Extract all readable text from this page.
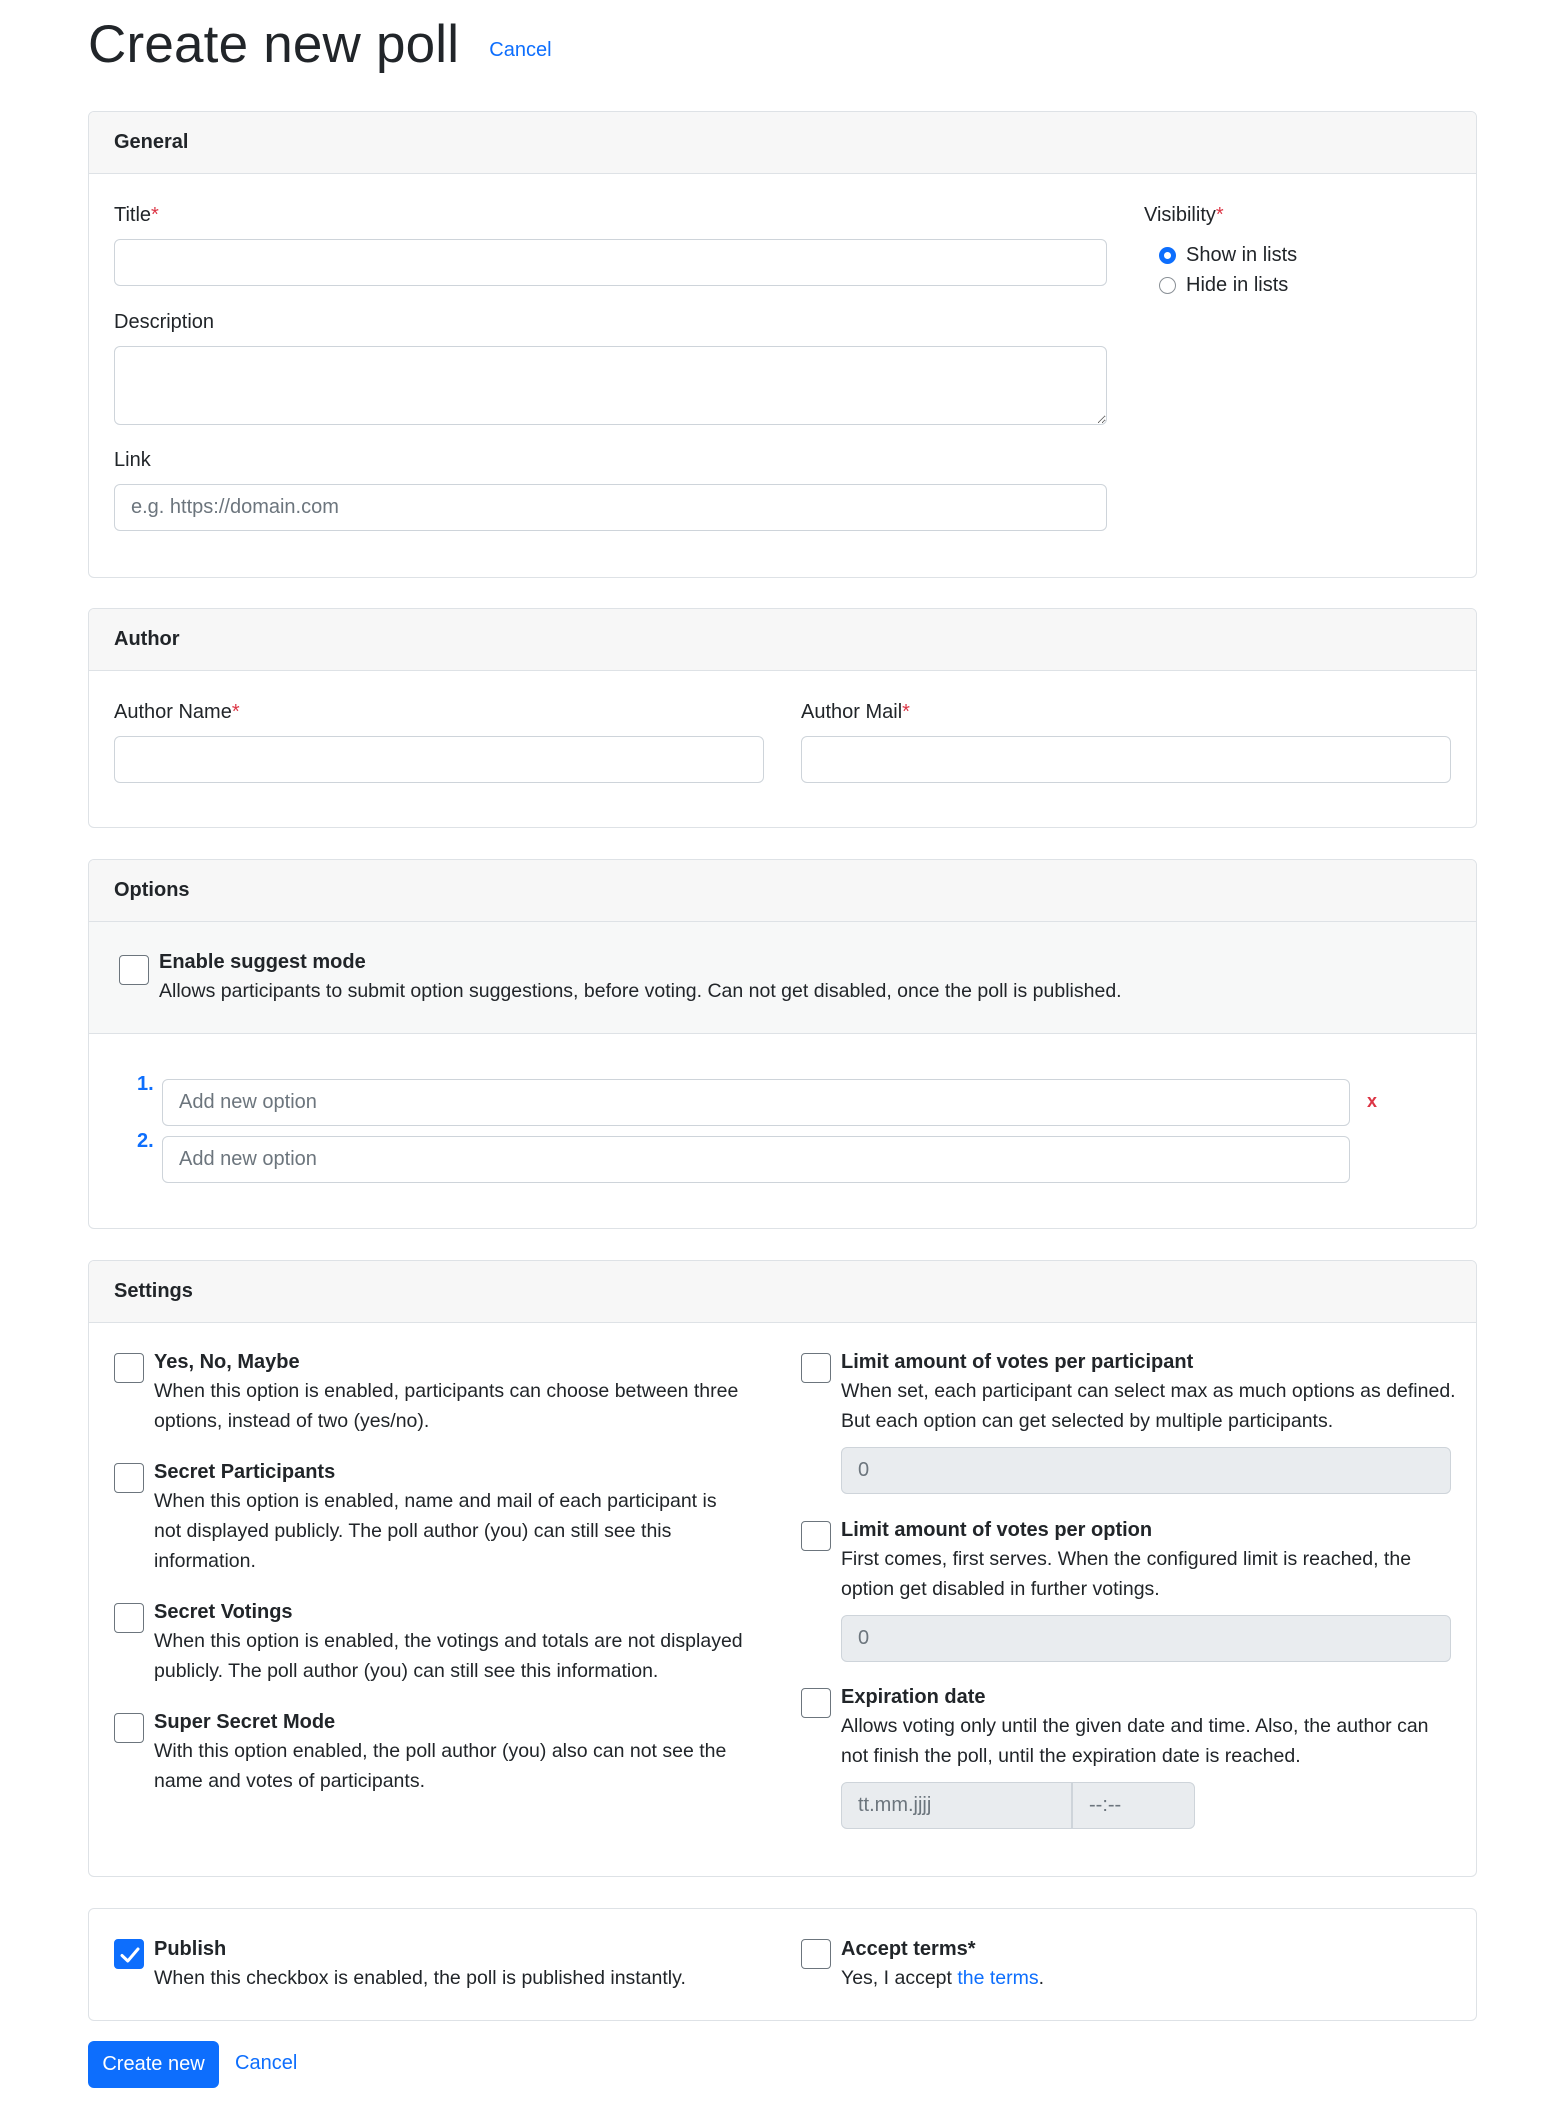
Create new poll Cancel
General
Title*
Description
Link
e.g. https://domain.com
Visibility*
Show in lists
Hide in lists
Author
Author Name*	Author Mail*
Options
Enable suggest mode
Allows participants to submit option suggestions, before voting. Can not get disabled, once the poll is published.
1.
Add new option
x
2.
Add new option
Settings
Yes, No, Maybe
When this option is enabled, participants can choose between three options, instead of two (yes/no).
Secret Participants
When this option is enabled, name and mail of each participant is not displayed publicly. The poll author (you) can still see this information.
Secret Votings
When this option is enabled, the votings and totals are not displayed publicly. The poll author (you) can still see this information.
Super Secret Mode
With this option enabled, the poll author (you) also can not see the name and votes of participants.
Limit amount of votes per participant
When set, each participant can select max as much options as defined. But each option can get selected by multiple participants.
0
Limit amount of votes per option
First comes, first serves. When the configured limit is reached, the option get disabled in further votings.
0
Expiration date
Allows voting only until the given date and time. Also, the author can not finish the poll, until the expiration date is reached.
tt.mm.jjjj	--:--
Publish
When this checkbox is enabled, the poll is published instantly.
Accept terms*
Yes, I accept the terms.
Create new	Cancel
